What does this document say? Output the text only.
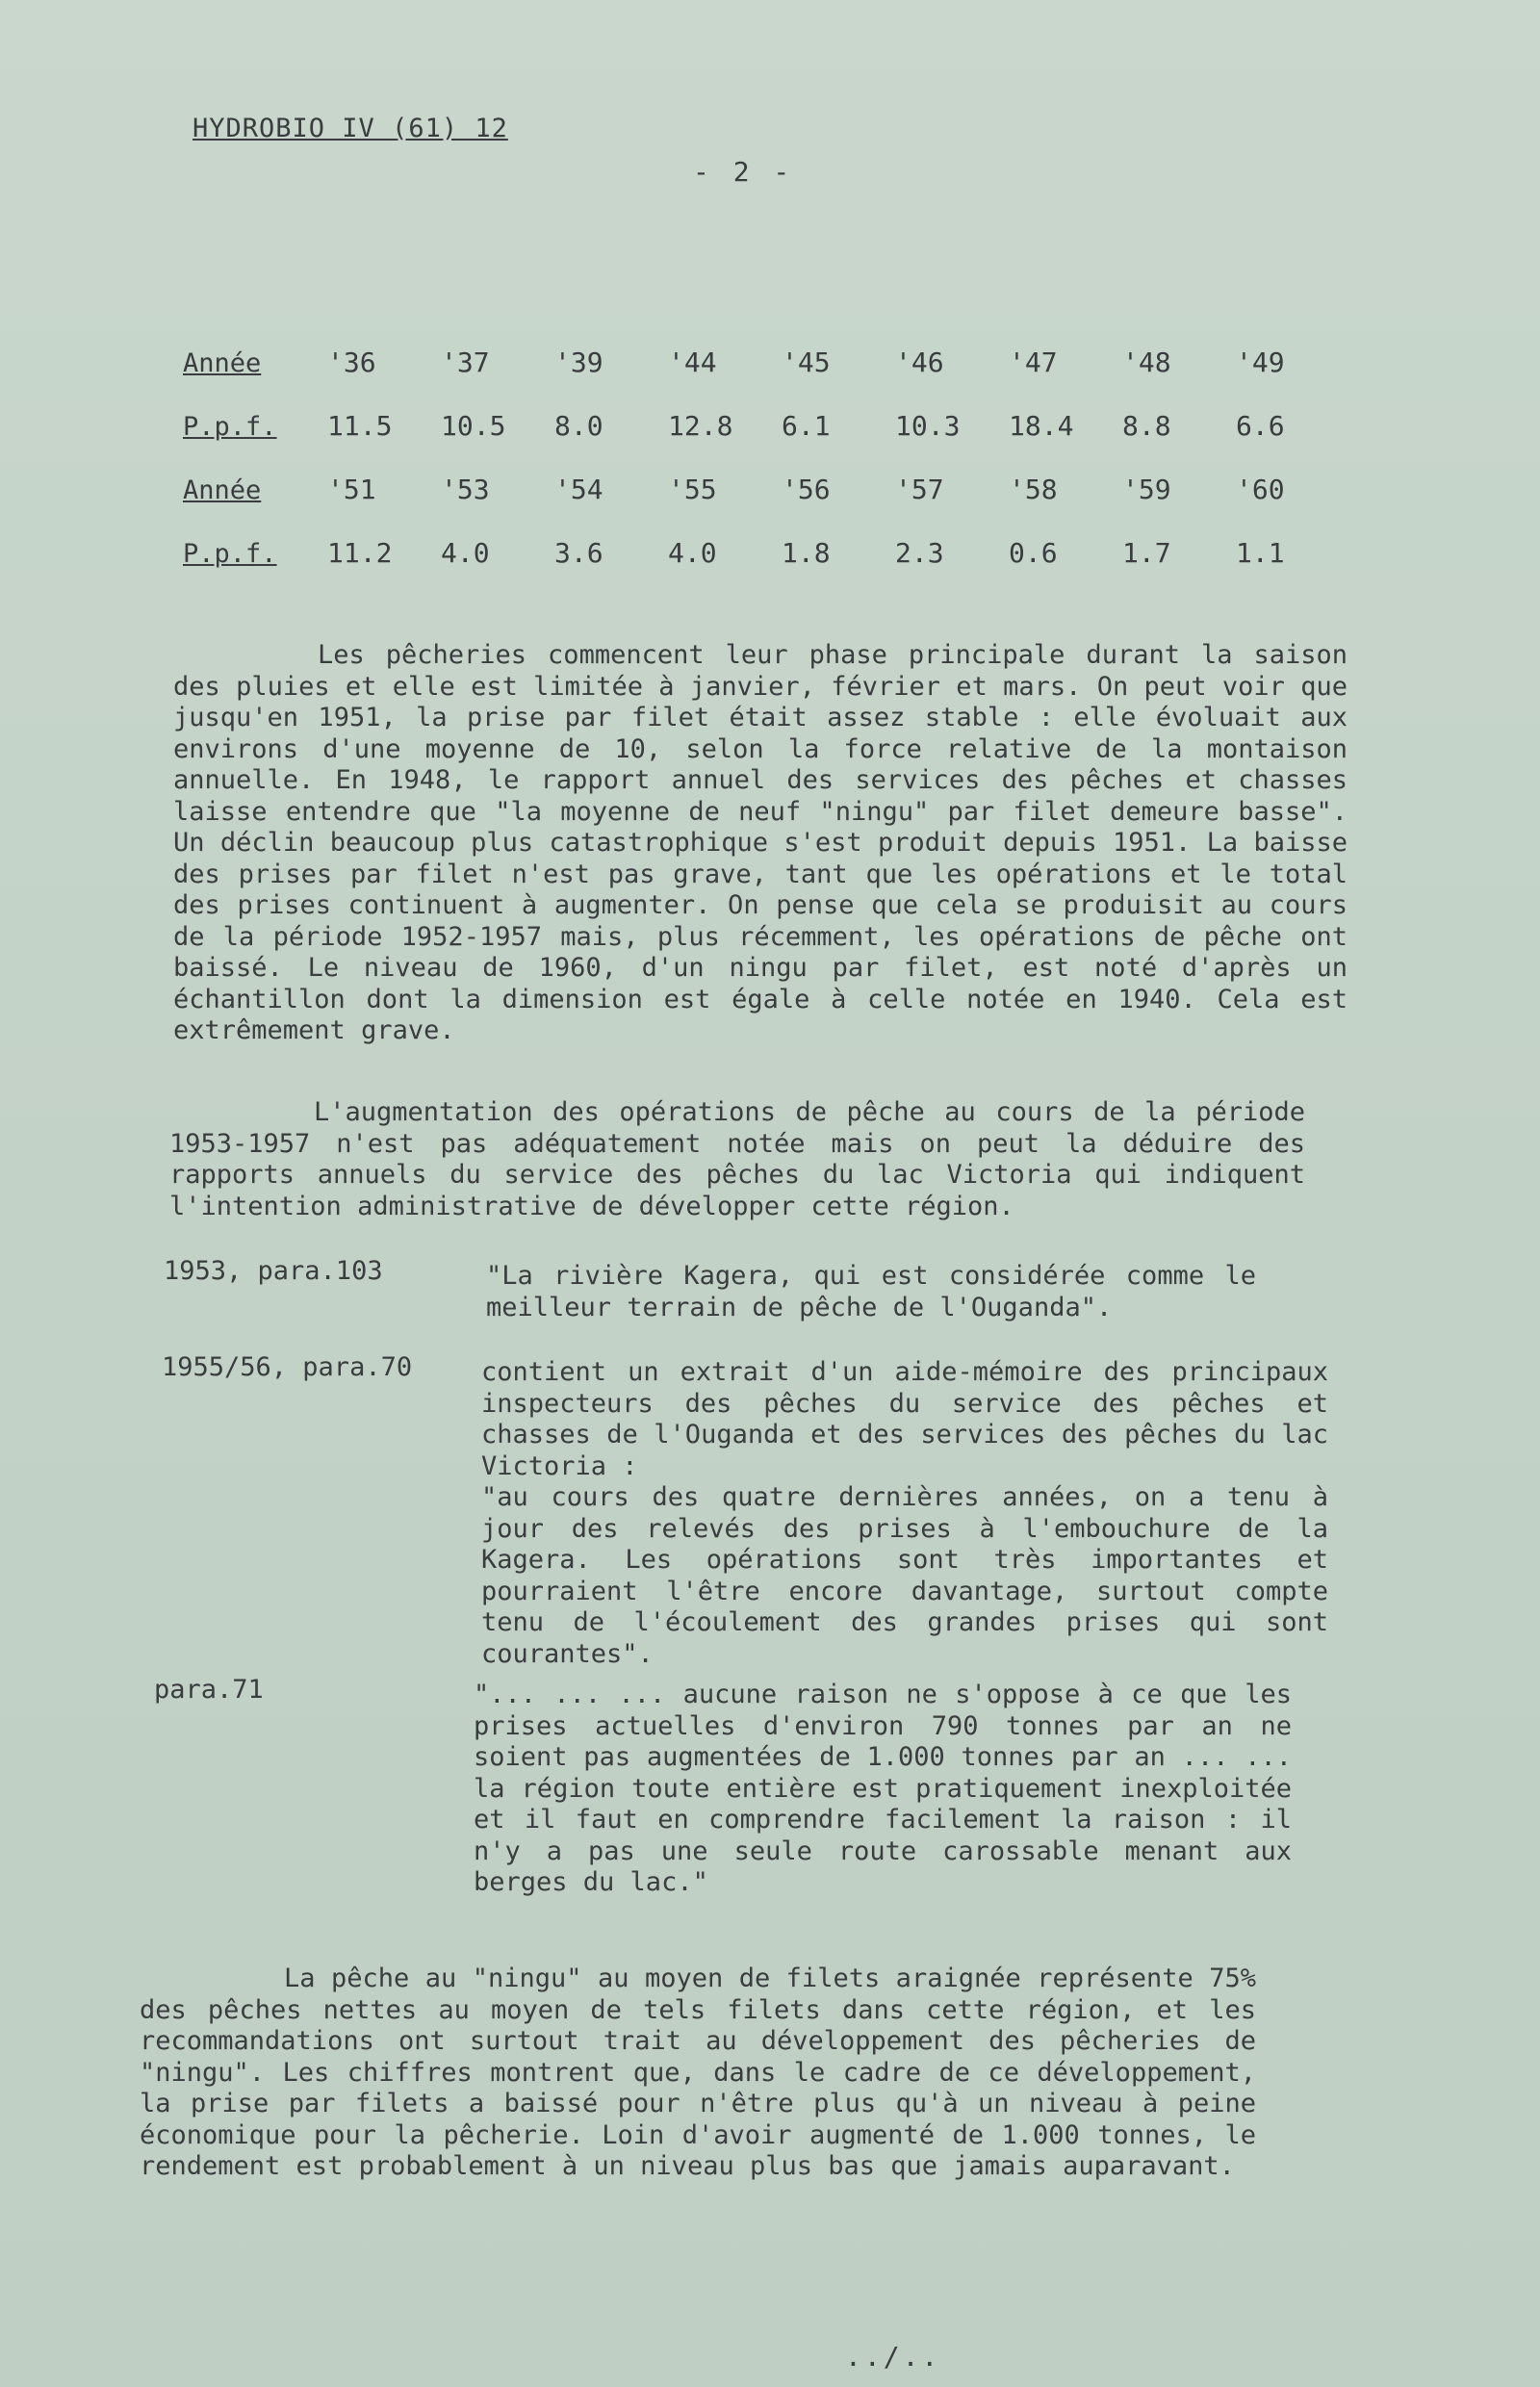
HYDROBIO IV (61) 12
- 2 -
Année	'36	'37	'39	'44	'45	'46	'47	'48	'49
P.p.f.	11.5	10.5	8.0	12.8	6.1	10.3	18.4	8.8	6.6
Année	'51	'53	'54	'55	'56	'57	'58	'59	'60
P.p.f.	11.2	4.0	3.6	4.0	1.8	2.3	0.6	1.7	1.1
Les pêcheries commencent leur phase principale durant la saison des pluies et elle est limitée à janvier, février et mars. On peut voir que jusqu'en 1951, la prise par filet était assez stable : elle évoluait aux environs d'une moyenne de 10, selon la force relative de la montaison annuelle. En 1948, le rapport annuel des services des pêches et chasses laisse entendre que "la moyenne de neuf "ningu" par filet demeure basse". Un déclin beaucoup plus catastrophique s'est produit depuis 1951. La baisse des prises par filet n'est pas grave, tant que les opérations et le total des prises continuent à augmenter. On pense que cela se produisit au cours de la période 1952-1957 mais, plus récemment, les opérations de pêche ont baissé. Le niveau de 1960, d'un ningu par filet, est noté d'après un échantillon dont la dimension est égale à celle notée en 1940. Cela est extrêmement grave.
L'augmentation des opérations de pêche au cours de la période 1953-1957 n'est pas adéquatement notée mais on peut la déduire des rapports annuels du service des pêches du lac Victoria qui indiquent l'intention administrative de développer cette région.
1953, para.103	"La rivière Kagera, qui est considérée comme le meilleur terrain de pêche de l'Ouganda".
1955/56, para.70	contient un extrait d'un aide-mémoire des principaux inspecteurs des pêches du service des pêches et chasses de l'Ouganda et des services des pêches du lac Victoria :
"au cours des quatre dernières années, on a tenu à jour des relevés des prises à l'embouchure de la Kagera. Les opérations sont très importantes et pourraient l'être encore davantage, surtout compte tenu de l'écoulement des grandes prises qui sont courantes".
para.71	"... ... ... aucune raison ne s'oppose à ce que les prises actuelles d'environ 790 tonnes par an ne soient pas augmentées de 1.000 tonnes par an ... ... la région toute entière est pratiquement inexploitée et il faut en comprendre facilement la raison : il n'y a pas une seule route carossable menant aux berges du lac."
La pêche au "ningu" au moyen de filets araignée représente 75% des pêches nettes au moyen de tels filets dans cette région, et les recommandations ont surtout trait au développement des pêcheries de "ningu". Les chiffres montrent que, dans le cadre de ce développement, la prise par filets a baissé pour n'être plus qu'à un niveau à peine économique pour la pêcherie. Loin d'avoir augmenté de 1.000 tonnes, le rendement est probablement à un niveau plus bas que jamais auparavant.
../..
